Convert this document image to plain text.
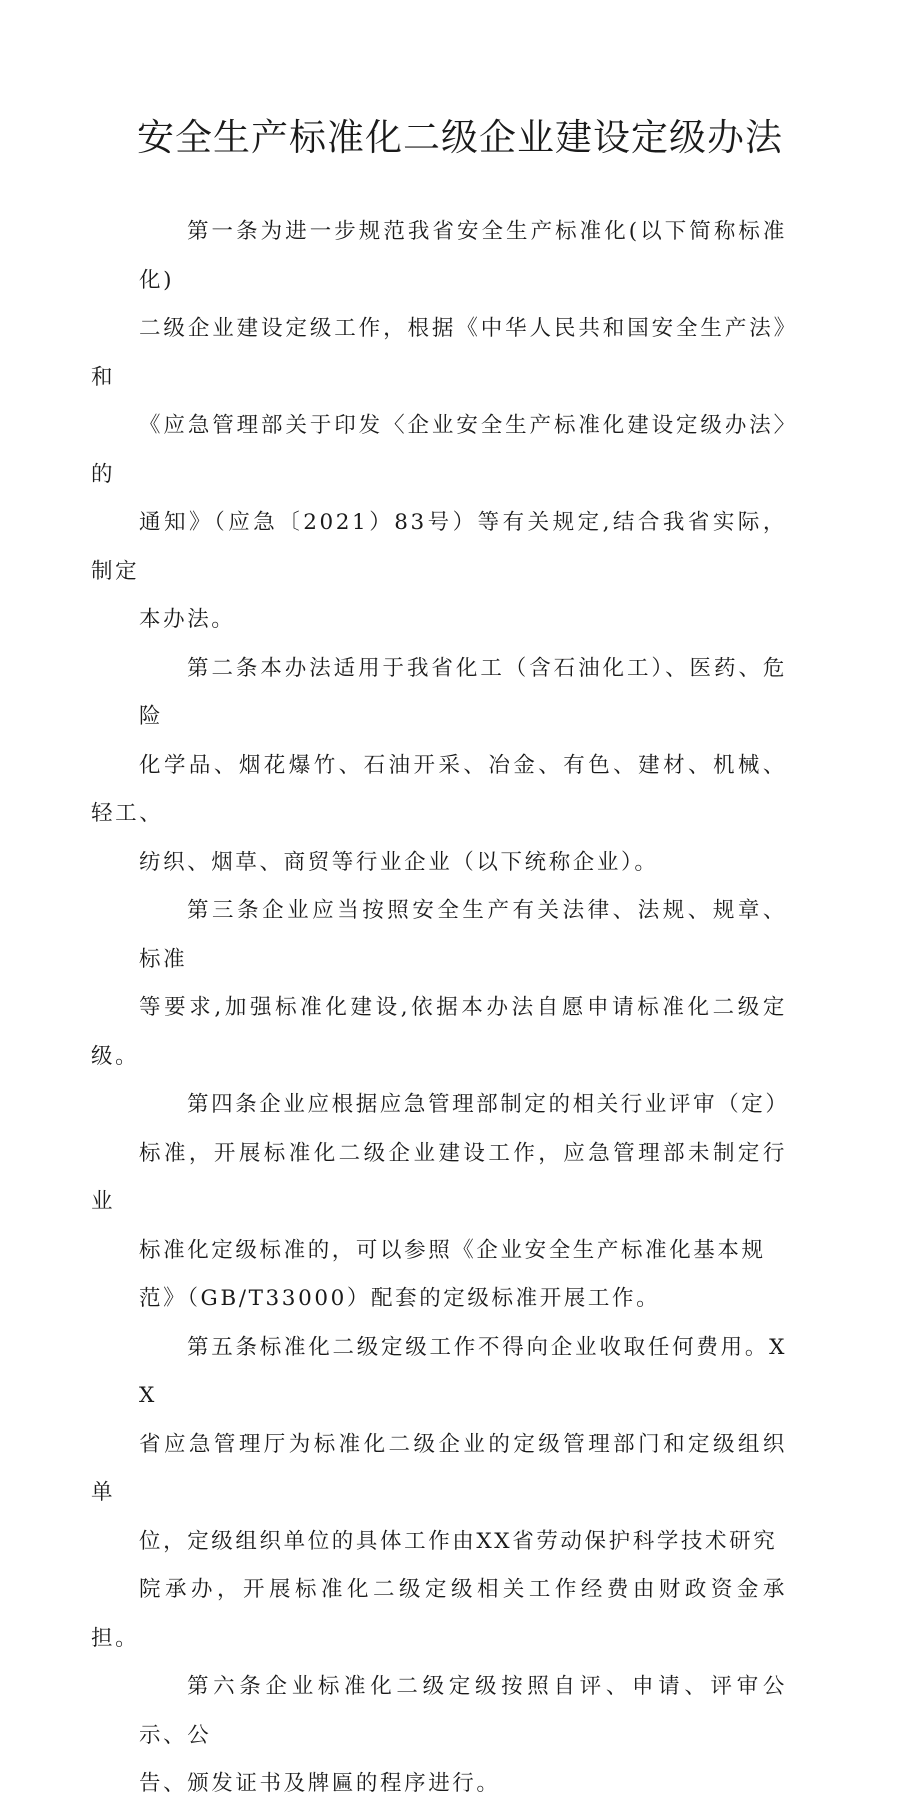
安全生产标准化二级企业建设定级办法

第一条为进一步规范我省安全生产标准化(以下简称标准化)
二级企业建设定级工作，根据《中华人民共和国安全生产法》和
《应急管理部关于印发〈企业安全生产标准化建设定级办法〉的
通知》（应急〔2021）83号）等有关规定,结合我省实际，制定
本办法。

第二条本办法适用于我省化工（含石油化工）、医药、危险
化学品、烟花爆竹、石油开采、冶金、有色、建材、机械、轻工、
纺织、烟草、商贸等行业企业（以下统称企业）。

第三条企业应当按照安全生产有关法律、法规、规章、标准
等要求,加强标准化建设,依据本办法自愿申请标准化二级定级。

第四条企业应根据应急管理部制定的相关行业评审（定）
标准，开展标准化二级企业建设工作，应急管理部未制定行业
标准化定级标准的，可以参照《企业安全生产标准化基本规
范》（GB/T33000）配套的定级标准开展工作。

第五条标准化二级定级工作不得向企业收取任何费用。XX
省应急管理厅为标准化二级企业的定级管理部门和定级组织单
位，定级组织单位的具体工作由XX省劳动保护科学技术研究
院承办，开展标准化二级定级相关工作经费由财政资金承担。

第六条企业标准化二级定级按照自评、申请、评审公示、公
告、颁发证书及牌匾的程序进行。
